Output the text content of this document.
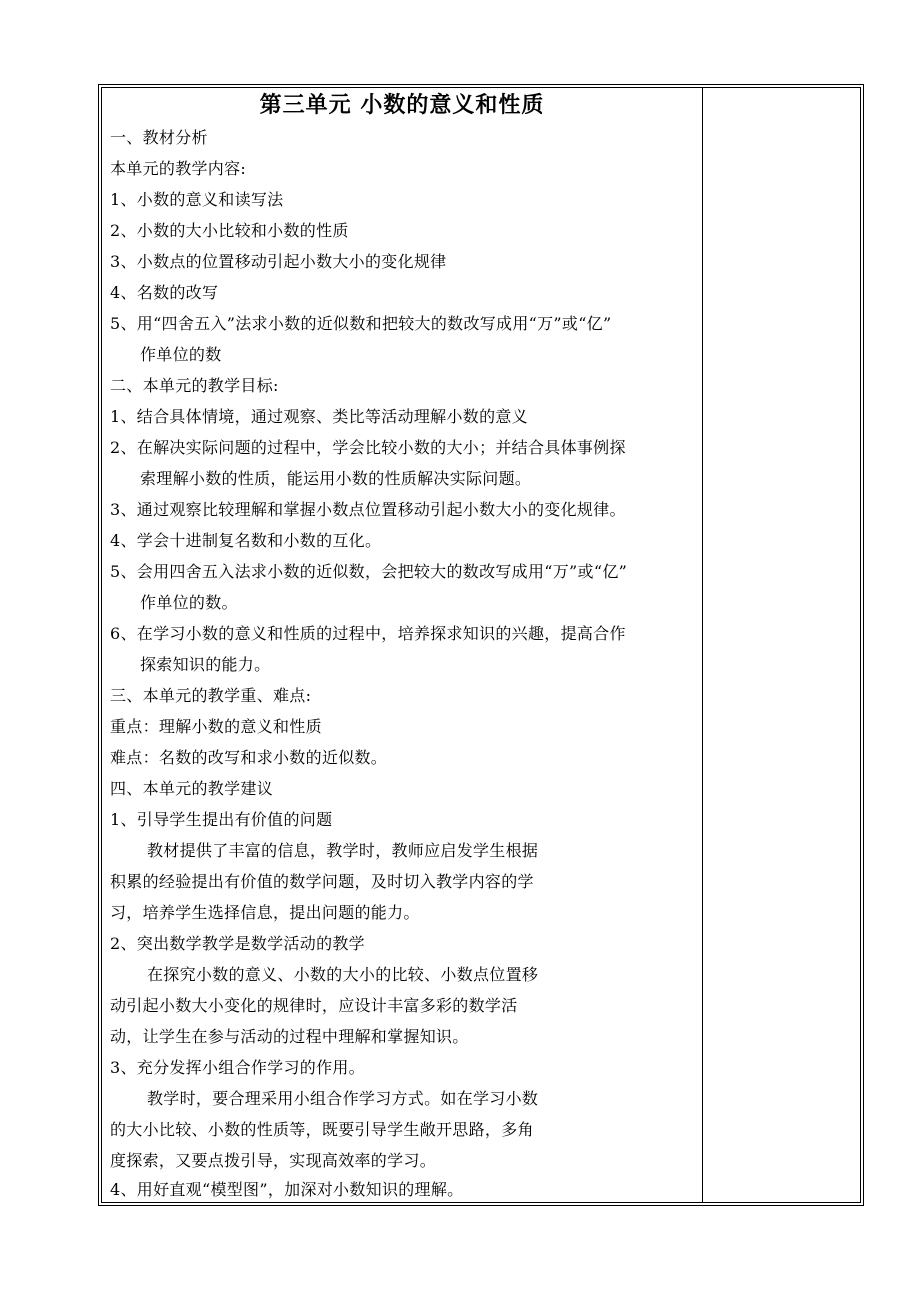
第三单元 小数的意义和性质
一、教材分析
本单元的教学内容:
1、小数的意义和读写法
2、小数的大小比较和小数的性质
3、小数点的位置移动引起小数大小的变化规律
4、名数的改写
5、用“四舍五入”法求小数的近似数和把较大的数改写成用“万”或“亿”
作单位的数
二、本单元的教学目标:
1、结合具体情境，通过观察、类比等活动理解小数的意义
2、在解决实际问题的过程中，学会比较小数的大小；并结合具体事例探
索理解小数的性质，能运用小数的性质解决实际问题。
3、通过观察比较理解和掌握小数点位置移动引起小数大小的变化规律。
4、学会十进制复名数和小数的互化。
5、会用四舍五入法求小数的近似数，会把较大的数改写成用“万”或“亿”
作单位的数。
6、在学习小数的意义和性质的过程中，培养探求知识的兴趣，提高合作
探索知识的能力。
三、本单元的教学重、难点:
重点：理解小数的意义和性质
难点：名数的改写和求小数的近似数。
四、本单元的教学建议
1、引导学生提出有价值的问题
教材提供了丰富的信息，教学时，教师应启发学生根据
积累的经验提出有价值的数学问题，及时切入教学内容的学
习，培养学生选择信息，提出问题的能力。
2、突出数学教学是数学活动的教学
在探究小数的意义、小数的大小的比较、小数点位置移
动引起小数大小变化的规律时，应设计丰富多彩的数学活
动，让学生在参与活动的过程中理解和掌握知识。
3、充分发挥小组合作学习的作用。
教学时，要合理采用小组合作学习方式。如在学习小数
的大小比较、小数的性质等，既要引导学生敞开思路，多角
度探索，又要点拨引导，实现高效率的学习。
4、用好直观“模型图”，加深对小数知识的理解。
